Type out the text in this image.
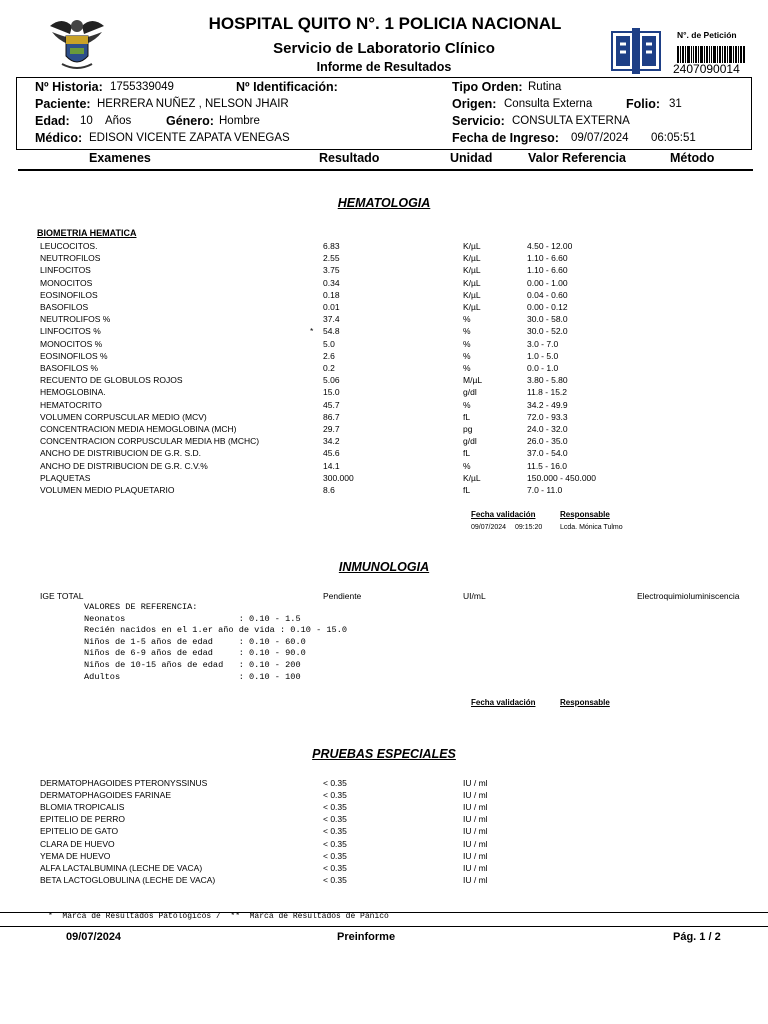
HOSPITAL QUITO N°. 1 POLICIA NACIONAL
Servicio de Laboratorio Clínico
Informe de Resultados
N°. de Petición
2407090014
Nº Historia: 1755339049	Nº Identificación:
Paciente: HERRERA NUÑEZ , NELSON JHAIR
Edad: 10 Años	Género: Hombre
Médico: EDISON VICENTE ZAPATA VENEGAS
Tipo Orden: Rutina
Origen: Consulta Externa	Folio: 31
Servicio: CONSULTA EXTERNA
Fecha de Ingreso: 09/07/2024 06:05:51
Examenes	Resultado	Unidad	Valor Referencia	Método
HEMATOLOGIA
BIOMETRIA HEMATICA
LEUCOCITOS.	6.83	K/µL	4.50 - 12.00
NEUTROFILOS	2.55	K/µL	1.10 - 6.60
LINFOCITOS	3.75	K/µL	1.10 - 6.60
MONOCITOS	0.34	K/µL	0.00 - 1.00
EOSINOFILOS	0.18	K/µL	0.04 - 0.60
BASOFILOS	0.01	K/µL	0.00 - 0.12
NEUTROLIFOS %	37.4	%	30.0 - 58.0
LINFOCITOS %	* 54.8	%	30.0 - 52.0
MONOCITOS %	5.0	%	3.0 - 7.0
EOSINOFILOS %	2.6	%	1.0 - 5.0
BASOFILOS %	0.2	%	0.0 - 1.0
RECUENTO DE GLOBULOS ROJOS	5.06	M/µL	3.80 - 5.80
HEMOGLOBINA.	15.0	g/dl	11.8 - 15.2
HEMATOCRITO	45.7	%	34.2 - 49.9
VOLUMEN CORPUSCULAR MEDIO (MCV)	86.7	fL	72.0 - 93.3
CONCENTRACION MEDIA HEMOGLOBINA (MCH)	29.7	pg	24.0 - 32.0
CONCENTRACION CORPUSCULAR MEDIA HB (MCHC)	34.2	g/dl	26.0 - 35.0
ANCHO DE DISTRIBUCION DE G.R. S.D.	45.6	fL	37.0 - 54.0
ANCHO DE DISTRIBUCION DE G.R. C.V.%	14.1	%	11.5 - 16.0
PLAQUETAS	300.000	K/µL	150.000 - 450.000
VOLUMEN MEDIO PLAQUETARIO	8.6	fL	7.0 - 11.0
Fecha validación	Responsable
09/07/2024 09:15:20	Lcda. Mónica Tulmo
INMUNOLOGIA
IGE TOTAL	Pendiente	UI/mL	Electroquimioluminiscencia
VALORES DE REFERENCIA:
Neonatos                      : 0.10 - 1.5
Recién nacidos en el 1.er año de vida : 0.10 - 15.0
Niños de 1-5 años de edad     : 0.10 - 60.0
Niños de 6-9 años de edad     : 0.10 - 90.0
Niños de 10-15 años de edad   : 0.10 - 200
Adultos                       : 0.10 - 100
Fecha validación	Responsable
PRUEBAS ESPECIALES
DERMATOPHAGOIDES PTERONYSSINUS	< 0.35	IU / ml
DERMATOPHAGOIDES FARINAE	< 0.35	IU / ml
BLOMIA TROPICALIS	< 0.35	IU / ml
EPITELIO DE PERRO	< 0.35	IU / ml
EPITELIO DE GATO	< 0.35	IU / ml
CLARA DE HUEVO	< 0.35	IU / ml
YEMA DE HUEVO	< 0.35	IU / ml
ALFA LACTALBUMINA (LECHE DE VACA)	< 0.35	IU / ml
BETA LACTOGLOBULINA (LECHE DE VACA)	< 0.35	IU / ml
*  Marca de Resultados Patológicos /  **  Marca de Resultados de Pánico
09/07/2024	Preinforme	Pág. 1 / 2
